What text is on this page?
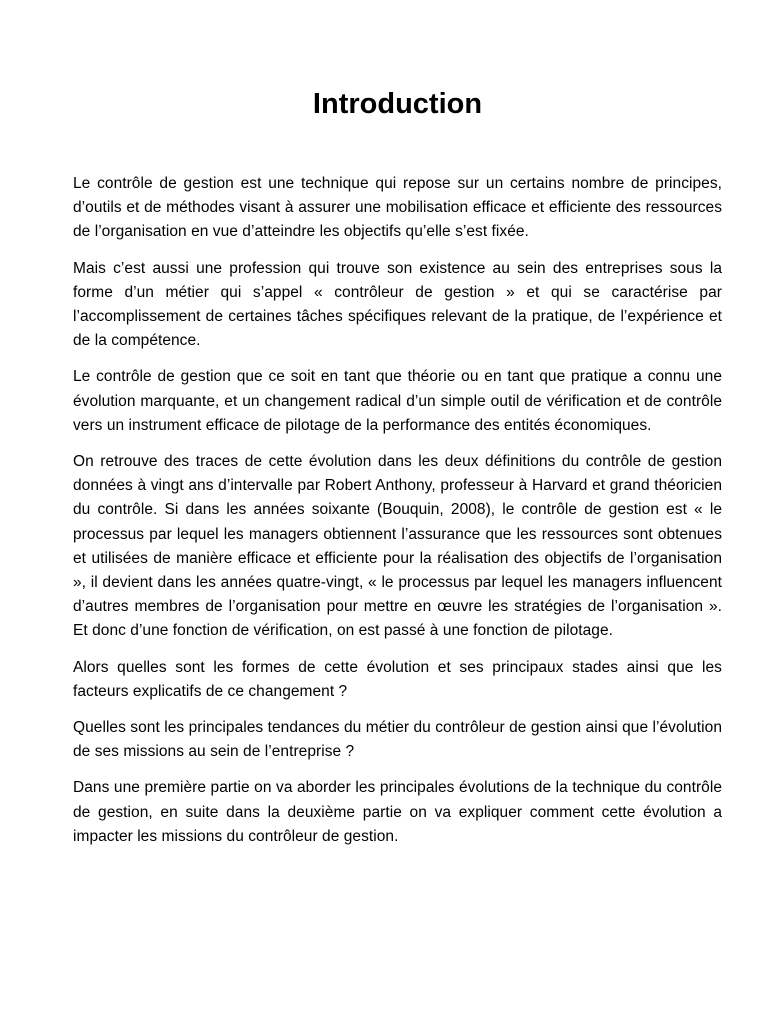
Introduction

Le contrôle de gestion est une technique qui repose sur un certains nombre de principes, d’outils et de méthodes visant à assurer une mobilisation efficace et efficiente des ressources de l’organisation en vue d’atteindre les objectifs qu’elle s’est fixée.

Mais c’est aussi une profession qui trouve son existence au sein des entreprises sous la forme d’un métier qui s’appel « contrôleur de gestion » et qui se caractérise par l’accomplissement de certaines tâches spécifiques relevant de la pratique, de l’expérience et de la compétence.

Le contrôle de gestion que ce soit en tant que théorie ou en tant que pratique a connu une évolution marquante, et un changement radical d’un simple outil de vérification et de contrôle vers un instrument efficace de pilotage de la performance des entités économiques.

On retrouve des traces de cette évolution dans les deux définitions du contrôle de gestion données à vingt ans d’intervalle par Robert Anthony, professeur à Harvard et grand théoricien du contrôle. Si dans les années soixante (Bouquin, 2008), le contrôle de gestion est « le processus par lequel les managers obtiennent l’assurance que les ressources sont obtenues et utilisées de manière efficace et efficiente pour la réalisation des objectifs de l’organisation », il devient dans les années quatre-vingt, « le processus par lequel les managers influencent d’autres membres de l’organisation pour mettre en œuvre les stratégies de l’organisation ». Et donc d’une fonction de vérification, on est passé à une fonction de pilotage.

Alors quelles sont les formes de cette évolution et ses principaux stades ainsi que les facteurs explicatifs de ce changement ?

Quelles sont les principales tendances du métier du contrôleur de gestion ainsi que l’évolution de ses missions au sein de l’entreprise ?

Dans une première partie on va aborder les principales évolutions de la technique du contrôle de gestion, en suite dans la deuxième partie on va expliquer comment cette évolution a impacter les missions du contrôleur de gestion.
